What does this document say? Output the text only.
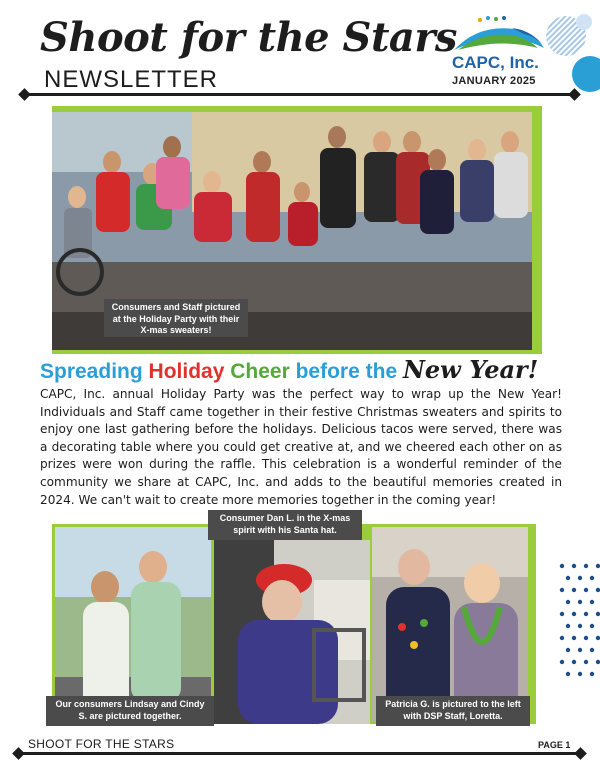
Shoot for the Stars
NEWSLETTER
CAPC, Inc.
JANUARY 2025
Consumers and Staff pictured at the Holiday Party with their X-mas sweaters!
Spreading Holiday Cheer before the New Year!
CAPC, Inc. annual Holiday Party was the perfect way to wrap up the New Year! Individuals and Staff came together in their festive Christmas sweaters and spirits to enjoy one last gathering before the holidays. Delicious tacos were served, there was a decorating table where you could get creative at, and we cheered each other on as prizes were won during the raffle. This celebration is a wonderful reminder of the community we share at CAPC, Inc. and adds to the beautiful memories created in 2024. We can't wait to create more memories together in the coming year!
Our consumers Lindsay and Cindy S. are pictured together.
Consumer Dan L. in the X-mas spirit with his Santa hat.
Patricia G. is pictured to the left with DSP Staff, Loretta.
SHOOT FOR THE STARS	PAGE 1
